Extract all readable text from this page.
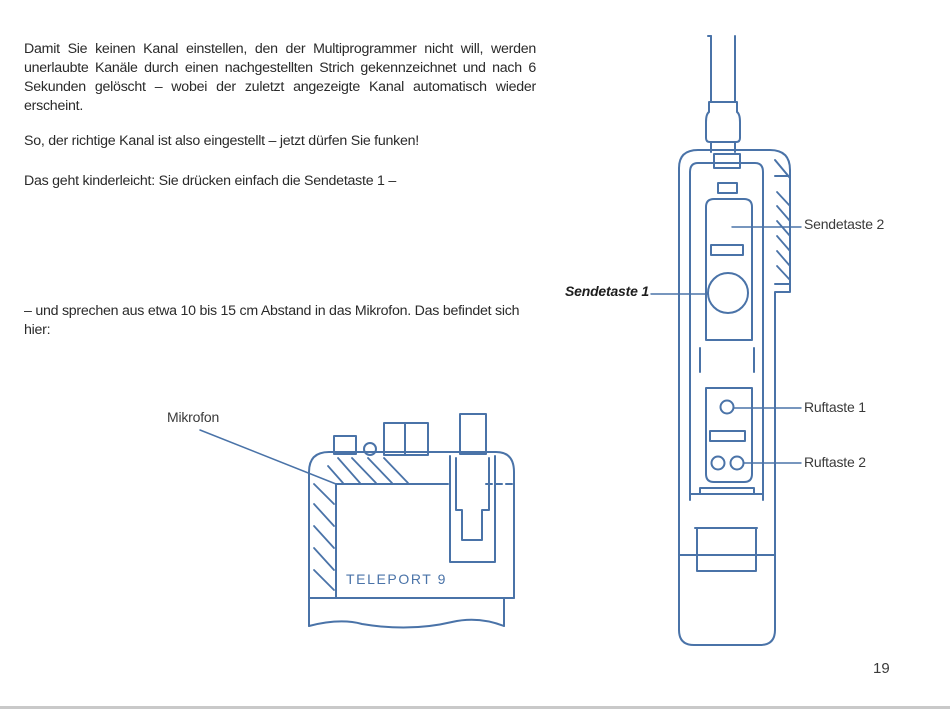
Damit Sie keinen Kanal einstellen, den der Multiprogrammer nicht will, werden unerlaubte Kanäle durch einen nachgestellten Strich gekennzeichnet und nach 6 Sekunden gelöscht – wobei der zuletzt angezeigte Kanal automatisch wieder erscheint.

So, der richtige Kanal ist also eingestellt – jetzt dürfen Sie funken!

Das geht kinderleicht: Sie drücken einfach die Sendetaste 1 –

– und sprechen aus etwa 10 bis 15 cm Abstand in das Mikrofon. Das befindet sich hier:

TELEPORT 9
Mikrofon
Sendetaste 1
Sendetaste 2
Ruftaste 1
Ruftaste 2
19
